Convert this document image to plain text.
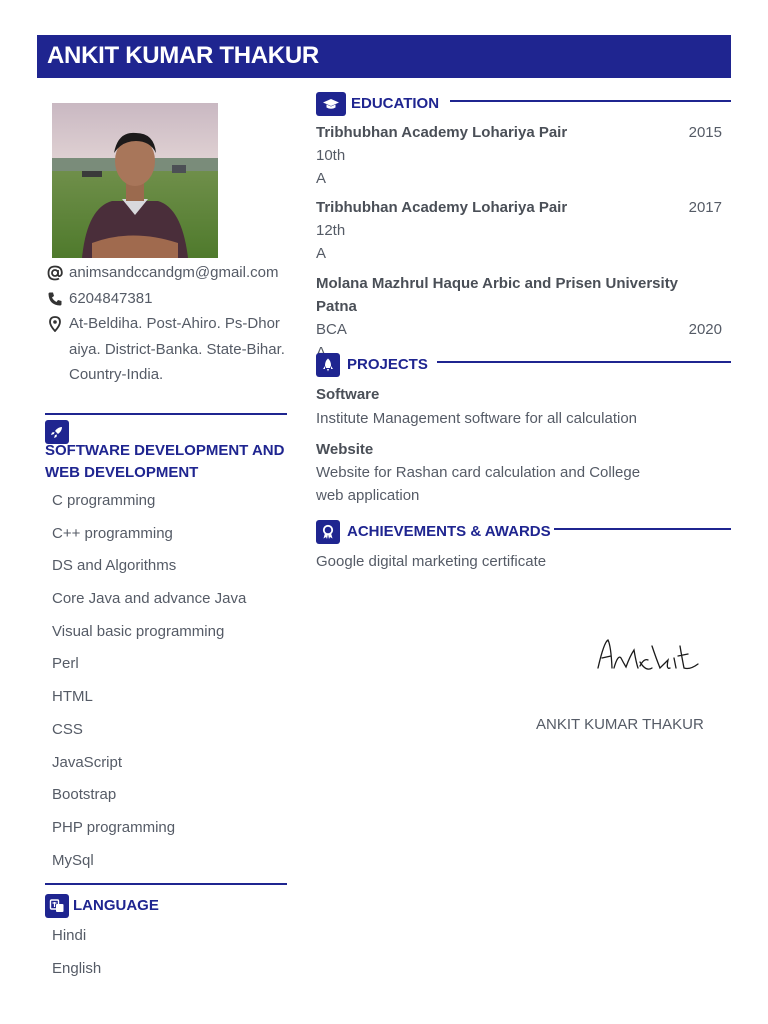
ANKIT KUMAR THAKUR
animsandccandgm@gmail.com
6204847381
At-Beldiha. Post-Ahiro. Ps-Dhoraiya. District-Banka. State-Bihar. Country-India.
SOFTWARE DEVELOPMENT AND WEB DEVELOPMENT
C programming
C++ programming
DS and Algorithms
Core Java and advance Java
Visual basic programming
Perl
HTML
CSS
JavaScript
Bootstrap
PHP programming
MySql
LANGUAGE
Hindi
English
EDUCATION
2015
Tribhubhan Academy Lohariya Pair
10th
A
2017
Tribhubhan Academy Lohariya Pair
12th
A
Molana Mazhrul Haque Arbic and Prisen University Patna
BCA	2020
PROJECTS
Software
Institute Management software for all calculation
Website
Website for Rashan card calculation and College web application
ACHIEVEMENTS & AWARDS
Google digital marketing certificate
ANKIT KUMAR THAKUR
